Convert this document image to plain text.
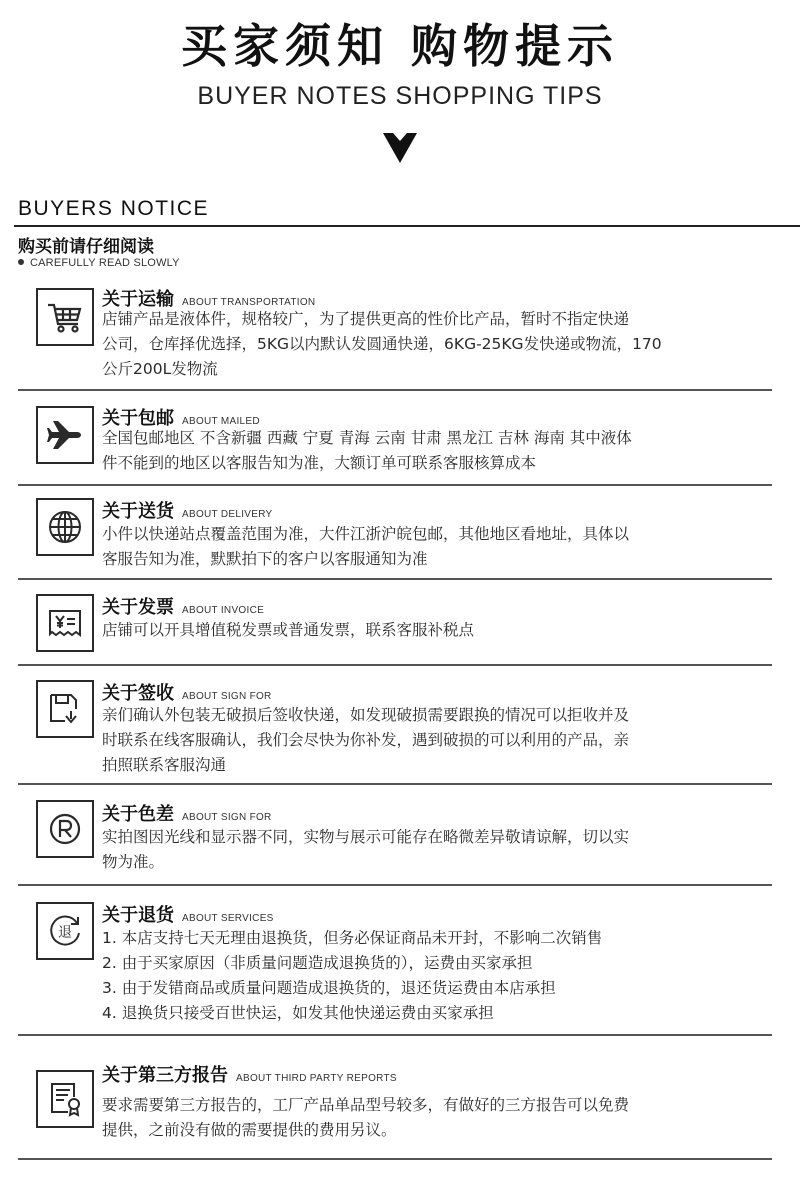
买家须知 购物提示
BUYER NOTES SHOPPING TIPS
BUYERS NOTICE
购买前请仔细阅读
CAREFULLY READ SLOWLY
关于运输 ABOUT TRANSPORTATION
店铺产品是液体件，规格较广，为了提供更高的性价比产品，暂时不指定快递
公司，仓库择优选择，5KG以内默认发圆通快递，6KG-25KG发快递或物流，170
公斤200L发物流
关于包邮 ABOUT MAILED
全国包邮地区 不含新疆 西藏 宁夏 青海 云南 甘肃 黑龙江 吉林 海南 其中液体
件不能到的地区以客服告知为准，大额订单可联系客服核算成本
关于送货 ABOUT DELIVERY
小件以快递站点覆盖范围为准，大件江浙沪皖包邮，其他地区看地址，具体以
客服告知为准，默默拍下的客户以客服通知为准
关于发票 ABOUT INVOICE
店铺可以开具增值税发票或普通发票，联系客服补税点
关于签收 ABOUT SIGN FOR
亲们确认外包装无破损后签收快递，如发现破损需要跟换的情况可以拒收并及
时联系在线客服确认，我们会尽快为你补发，遇到破损的可以利用的产品，亲
拍照联系客服沟通
关于色差 ABOUT SIGN FOR
实拍图因光线和显示器不同，实物与展示可能存在略微差异敬请谅解，切以实
物为准。
退
关于退货 ABOUT SERVICES
1. 本店支持七天无理由退换货，但务必保证商品未开封，不影响二次销售
2. 由于买家原因（非质量问题造成退换货的），运费由买家承担
3. 由于发错商品或质量问题造成退换货的，退还货运费由本店承担
4. 退换货只接受百世快运，如发其他快递运费由买家承担
关于第三方报告 ABOUT THIRD PARTY REPORTS
要求需要第三方报告的，工厂产品单品型号较多，有做好的三方报告可以免费
提供，之前没有做的需要提供的费用另议。
